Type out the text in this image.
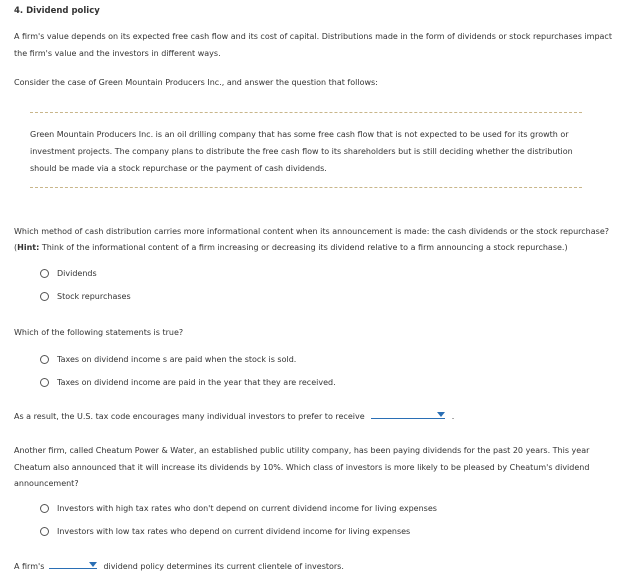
4. Dividend policy
A firm's value depends on its expected free cash flow and its cost of capital. Distributions made in the form of dividends or stock repurchases impact
the firm's value and the investors in different ways.
Consider the case of Green Mountain Producers Inc., and answer the question that follows:
Green Mountain Producers Inc. is an oil drilling company that has some free cash flow that is not expected to be used for its growth or
investment projects. The company plans to distribute the free cash flow to its shareholders but is still deciding whether the distribution
should be made via a stock repurchase or the payment of cash dividends.
Which method of cash distribution carries more informational content when its announcement is made: the cash dividends or the stock repurchase?
(Hint: Think of the informational content of a firm increasing or decreasing its dividend relative to a firm announcing a stock repurchase.)
Dividends
Stock repurchases
Which of the following statements is true?
Taxes on dividend income s are paid when the stock is sold.
Taxes on dividend income are paid in the year that they are received.
As a result, the U.S. tax code encourages many individual investors to prefer to receive	.
Another firm, called Cheatum Power & Water, an established public utility company, has been paying dividends for the past 20 years. This year
Cheatum also announced that it will increase its dividends by 10%. Which class of investors is more likely to be pleased by Cheatum's dividend
announcement?
Investors with high tax rates who don't depend on current dividend income for living expenses
Investors with low tax rates who depend on current dividend income for living expenses
A firm's	dividend policy determines its current clientele of investors.
